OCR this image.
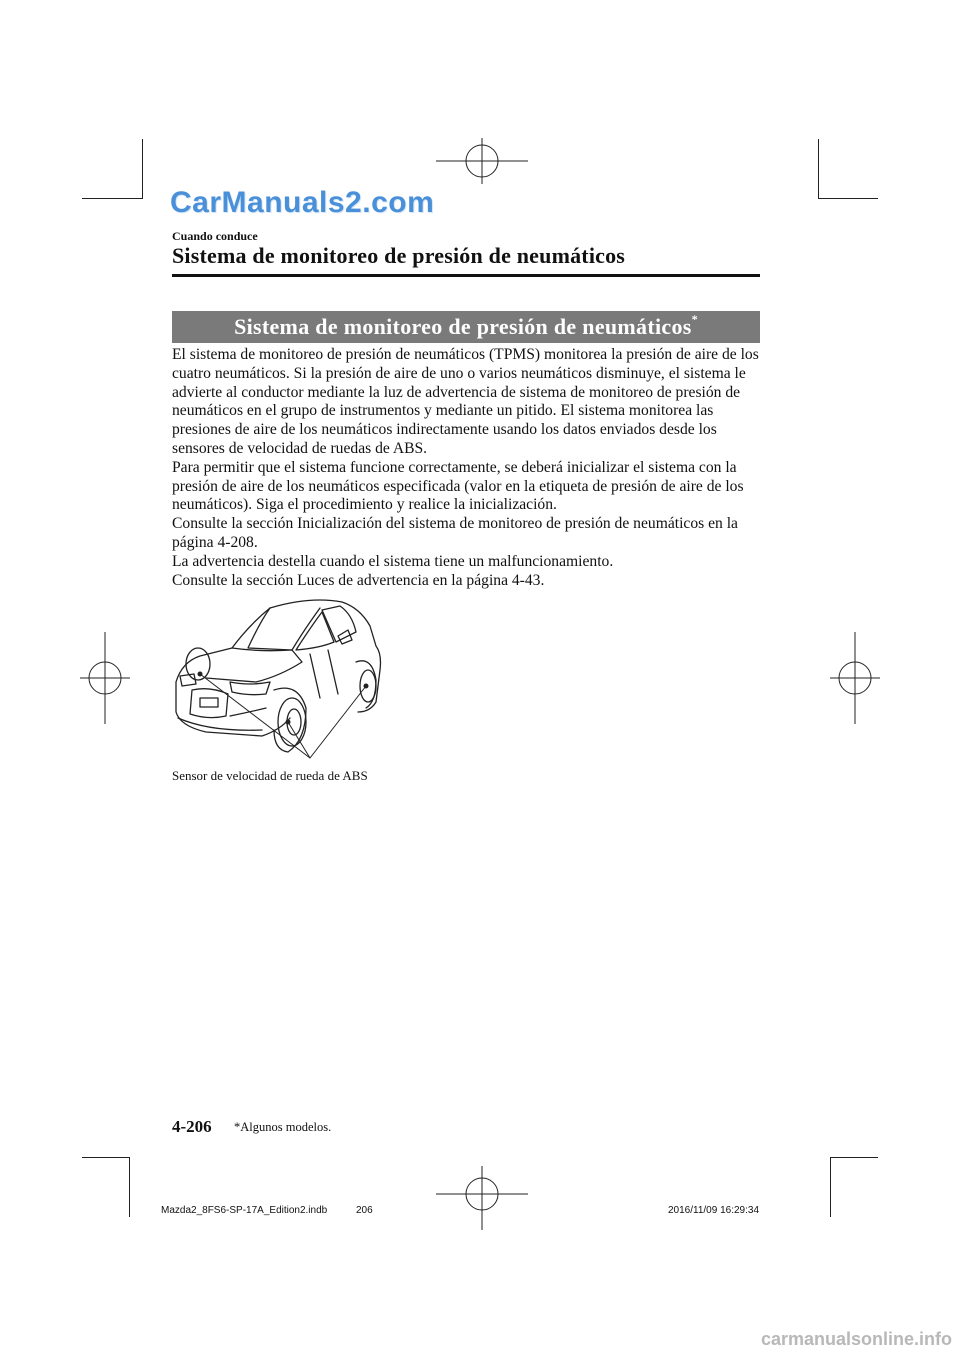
CarManuals2.com
Cuando conduce
Sistema de monitoreo de presión de neumáticos
Sistema de monitoreo de presión de neumáticos*

El sistema de monitoreo de presión de neumáticos (TPMS) monitorea la presión de aire de los cuatro neumáticos. Si la presión de aire de uno o varios neumáticos disminuye, el sistema le advierte al conductor mediante la luz de advertencia de sistema de monitoreo de presión de neumáticos en el grupo de instrumentos y mediante un pitido. El sistema monitorea las presiones de aire de los neumáticos indirectamente usando los datos enviados desde los sensores de velocidad de ruedas de ABS.

Para permitir que el sistema funcione correctamente, se deberá inicializar el sistema con la presión de aire de los neumáticos especificada (valor en la etiqueta de presión de aire de los neumáticos). Siga el procedimiento y realice la inicialización.

Consulte la sección Inicialización del sistema de monitoreo de presión de neumáticos en la página 4-208.

La advertencia destella cuando el sistema tiene un malfuncionamiento.

Consulte la sección Luces de advertencia en la página 4-43.

Sensor de velocidad de rueda de ABS
4-206 *Algunos modelos.
Mazda2_8FS6-SP-17A_Edition2.indb	206	2016/11/09 16:29:34
carmanualsonline.info
